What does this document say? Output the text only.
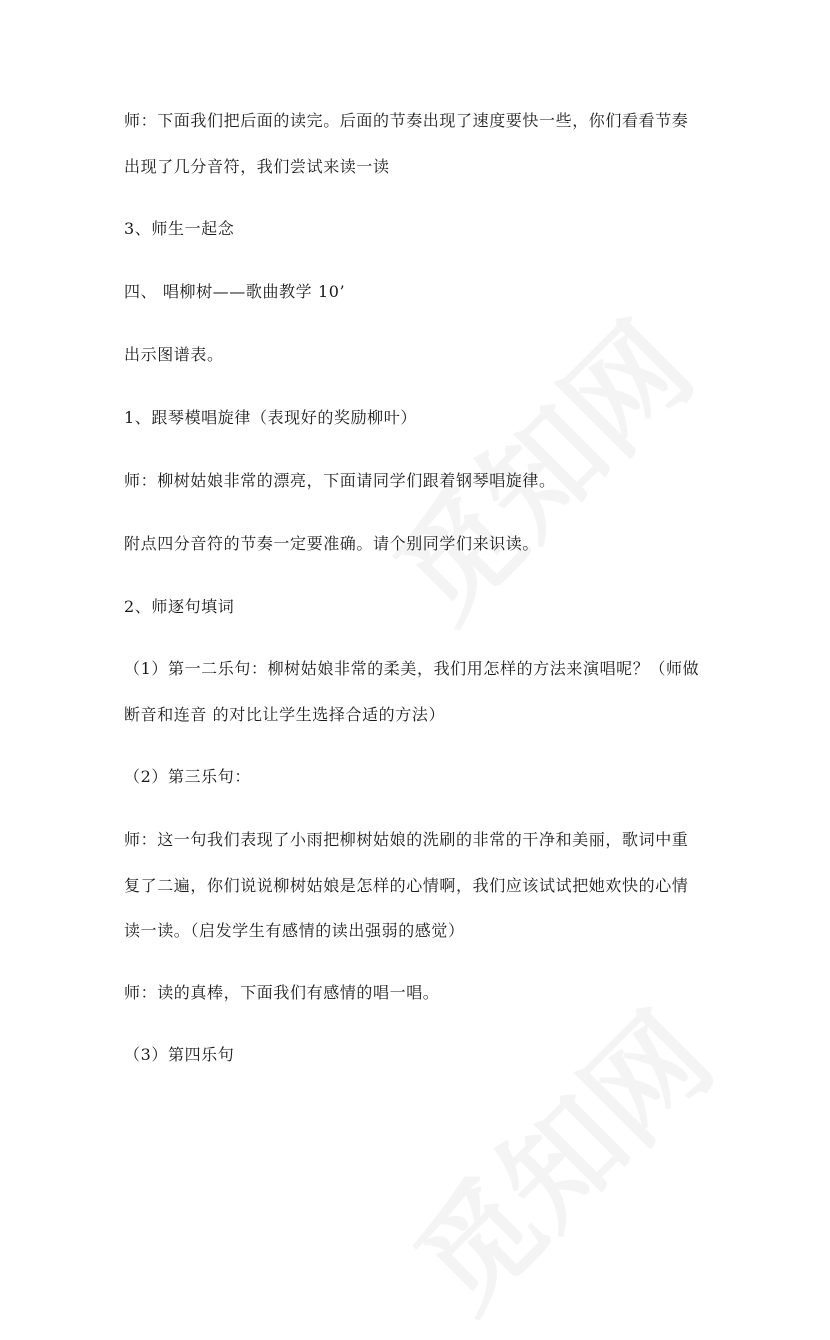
师：下面我们把后面的读完。后面的节奏出现了速度要快一些，你们看看节奏
出现了几分音符，我们尝试来读一读
3、师生一起念
四、 唱柳树——歌曲教学 10’
出示图谱表。
1、跟琴模唱旋律（表现好的奖励柳叶）
师：柳树姑娘非常的漂亮，下面请同学们跟着钢琴唱旋律。
附点四分音符的节奏一定要准确。请个别同学们来识读。
2、师逐句填词
（1）第一二乐句：柳树姑娘非常的柔美，我们用怎样的方法来演唱呢？（师做
断音和连音 的对比让学生选择合适的方法）
（2）第三乐句：
师：这一句我们表现了小雨把柳树姑娘的洗刷的非常的干净和美丽，歌词中重
复了二遍，你们说说柳树姑娘是怎样的心情啊，我们应该试试把她欢快的心情
读一读。（启发学生有感情的读出强弱的感觉）
师：读的真棒，下面我们有感情的唱一唱。
（3）第四乐句
